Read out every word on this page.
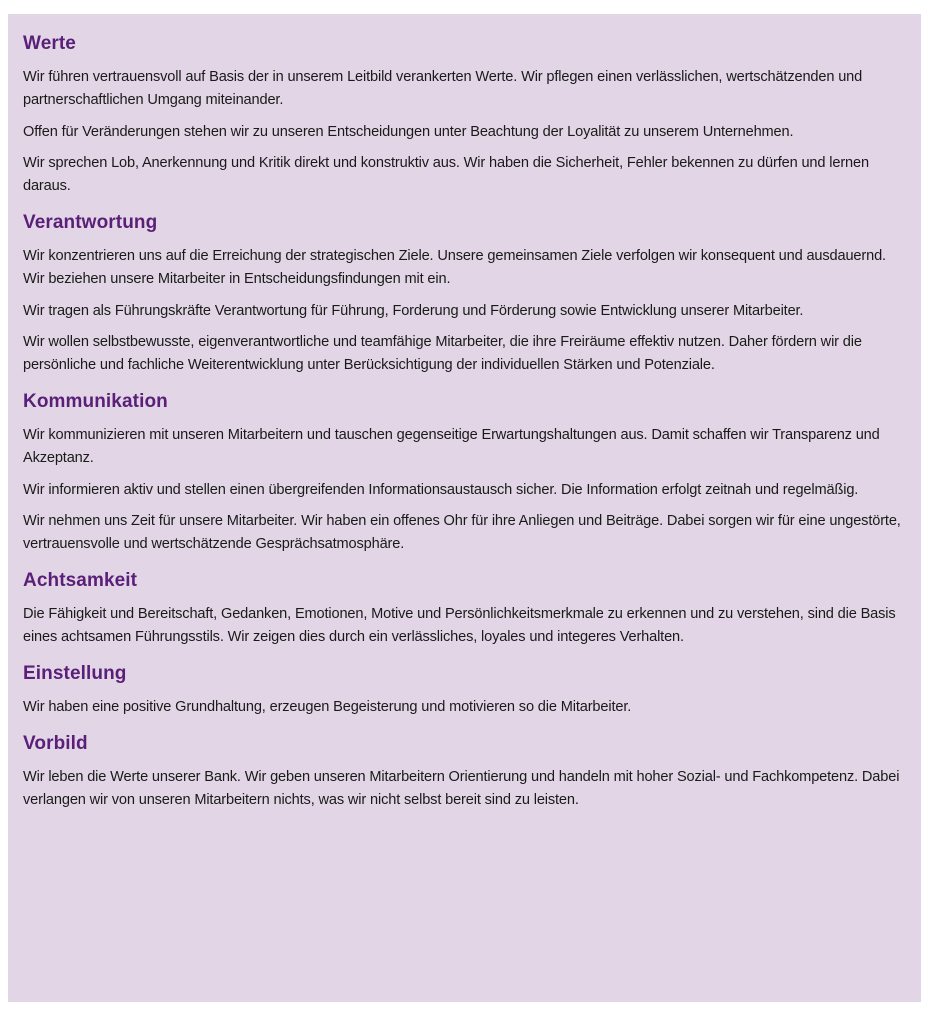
Werte

Wir führen vertrauensvoll auf Basis der in unserem Leitbild verankerten Werte. Wir pflegen einen verlässlichen, wertschätzenden und partnerschaftlichen Umgang miteinander.

Offen für Veränderungen stehen wir zu unseren Entscheidungen unter Beachtung der Loyalität zu unserem Unternehmen.

Wir sprechen Lob, Anerkennung und Kritik direkt und konstruktiv aus. Wir haben die Sicherheit, Fehler bekennen zu dürfen und lernen daraus.

Verantwortung

Wir konzentrieren uns auf die Erreichung der strategischen Ziele. Unsere gemeinsamen Ziele verfolgen wir konsequent und ausdauernd. Wir beziehen unsere Mitarbeiter in Entscheidungsfindungen mit ein.

Wir tragen als Führungskräfte Verantwortung für Führung, Forderung und Förderung sowie Entwicklung unserer Mitarbeiter.

Wir wollen selbstbewusste, eigenverantwortliche und teamfähige Mitarbeiter, die ihre Freiräume effektiv nutzen. Daher fördern wir die persönliche und fachliche Weiterentwicklung unter Berücksichtigung der individuellen Stärken und Potenziale.

Kommunikation

Wir kommunizieren mit unseren Mitarbeitern und tauschen gegenseitige Erwartungshaltungen aus. Damit schaffen wir Transparenz und Akzeptanz.

Wir informieren aktiv und stellen einen übergreifenden Informationsaustausch sicher. Die Information erfolgt zeitnah und regelmäßig.

Wir nehmen uns Zeit für unsere Mitarbeiter. Wir haben ein offenes Ohr für ihre Anliegen und Beiträge. Dabei sorgen wir für eine ungestörte, vertrauensvolle und wertschätzende Gesprächsatmosphäre.

Achtsamkeit

Die Fähigkeit und Bereitschaft, Gedanken, Emotionen, Motive und Persönlichkeitsmerkmale zu erkennen und zu verstehen, sind die Basis eines achtsamen Führungsstils. Wir zeigen dies durch ein verlässliches, loyales und integeres Verhalten.

Einstellung

Wir haben eine positive Grundhaltung, erzeugen Begeisterung und motivieren so die Mitarbeiter.

Vorbild

Wir leben die Werte unserer Bank. Wir geben unseren Mitarbeitern Orientierung und handeln mit hoher Sozial- und Fachkompetenz. Dabei verlangen wir von unseren Mitarbeitern nichts, was wir nicht selbst bereit sind zu leisten.
